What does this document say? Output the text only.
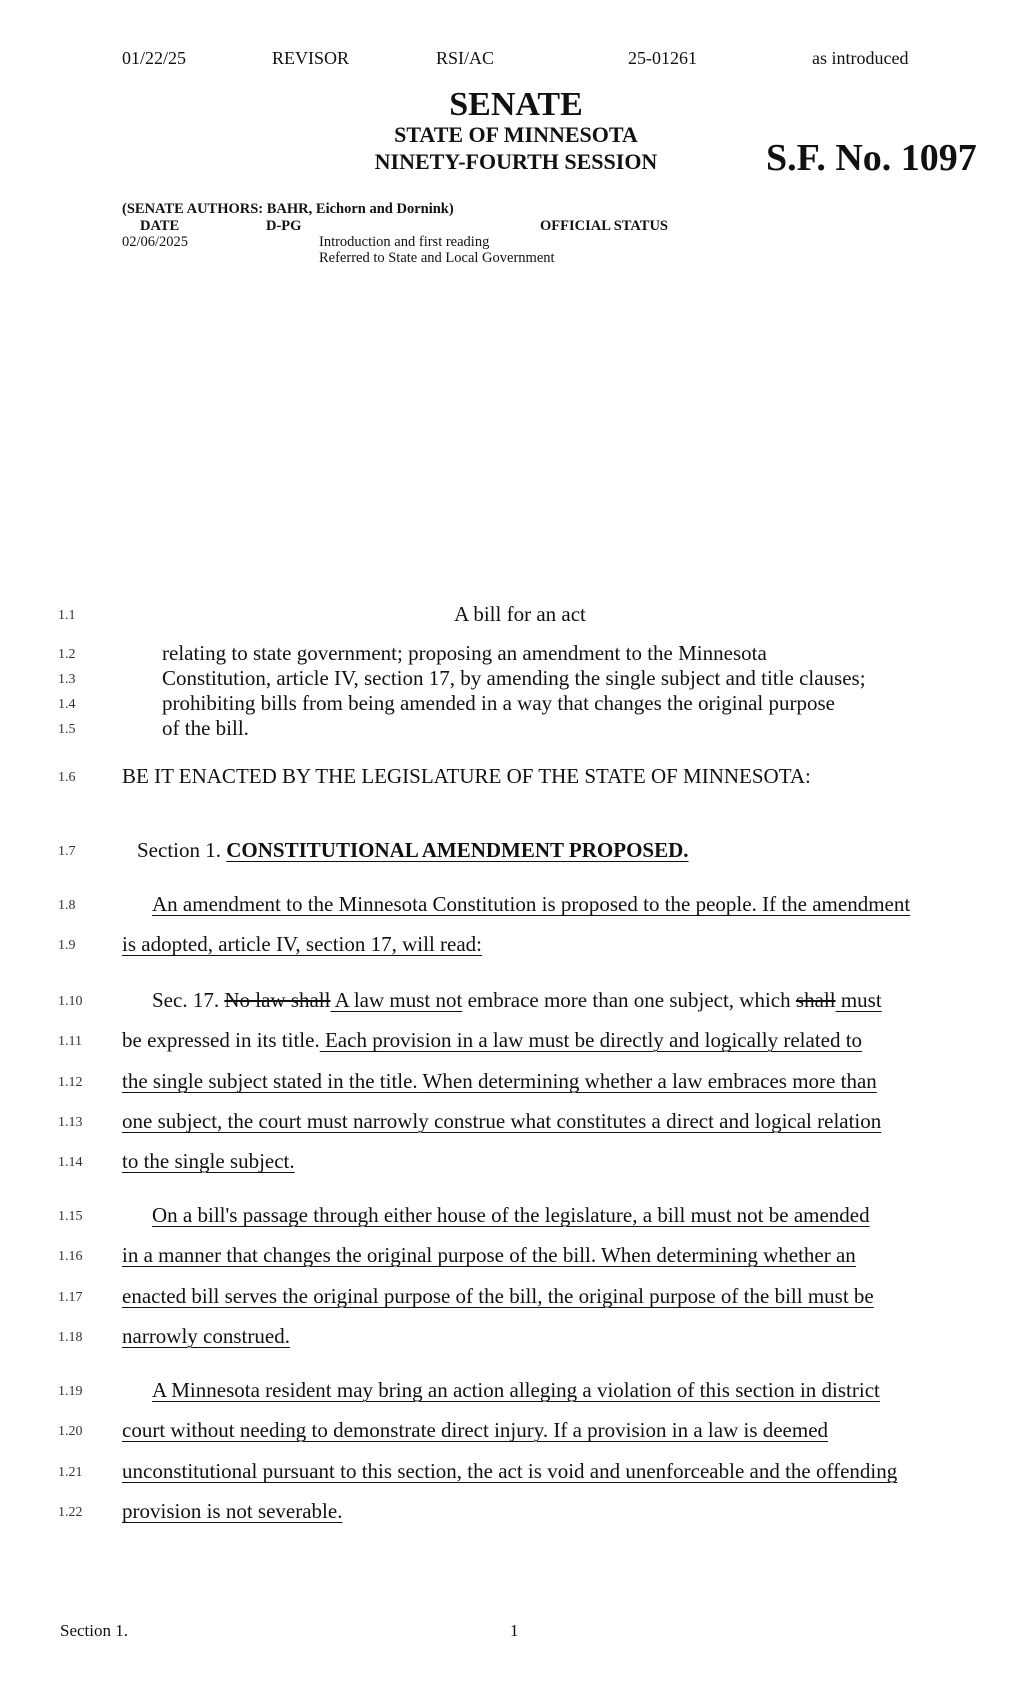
01/22/25	REVISOR	RSI/AC	25-01261	as introduced
SENATE
STATE OF MINNESOTA
NINETY-FOURTH SESSION	S.F. No. 1097
(SENATE AUTHORS: BAHR, Eichorn and Dornink)
DATE	D-PG	OFFICIAL STATUS
02/06/2025	Introduction and first reading
Referred to State and Local Government
1.1
1.2
1.3
1.4
1.5
1.6
1.7
1.8
1.9
1.10
1.11
1.12
1.13
1.14
1.15
1.16
1.17
1.18
1.19
1.20
1.21
1.22
A bill for an act
relating to state government; proposing an amendment to the Minnesota
Constitution, article IV, section 17, by amending the single subject and title clauses;
prohibiting bills from being amended in a way that changes the original purpose
of the bill.
BE IT ENACTED BY THE LEGISLATURE OF THE STATE OF MINNESOTA:
Section 1. CONSTITUTIONAL AMENDMENT PROPOSED.
An amendment to the Minnesota Constitution is proposed to the people. If the amendment
is adopted, article IV, section 17, will read:
Sec. 17. No law shall A law must not embrace more than one subject, which shall must
be expressed in its title. Each provision in a law must be directly and logically related to
the single subject stated in the title. When determining whether a law embraces more than
one subject, the court must narrowly construe what constitutes a direct and logical relation
to the single subject.
On a bill's passage through either house of the legislature, a bill must not be amended
in a manner that changes the original purpose of the bill. When determining whether an
enacted bill serves the original purpose of the bill, the original purpose of the bill must be
narrowly construed.
A Minnesota resident may bring an action alleging a violation of this section in district
court without needing to demonstrate direct injury. If a provision in a law is deemed
unconstitutional pursuant to this section, the act is void and unenforceable and the offending
provision is not severable.
Section 1.	1
